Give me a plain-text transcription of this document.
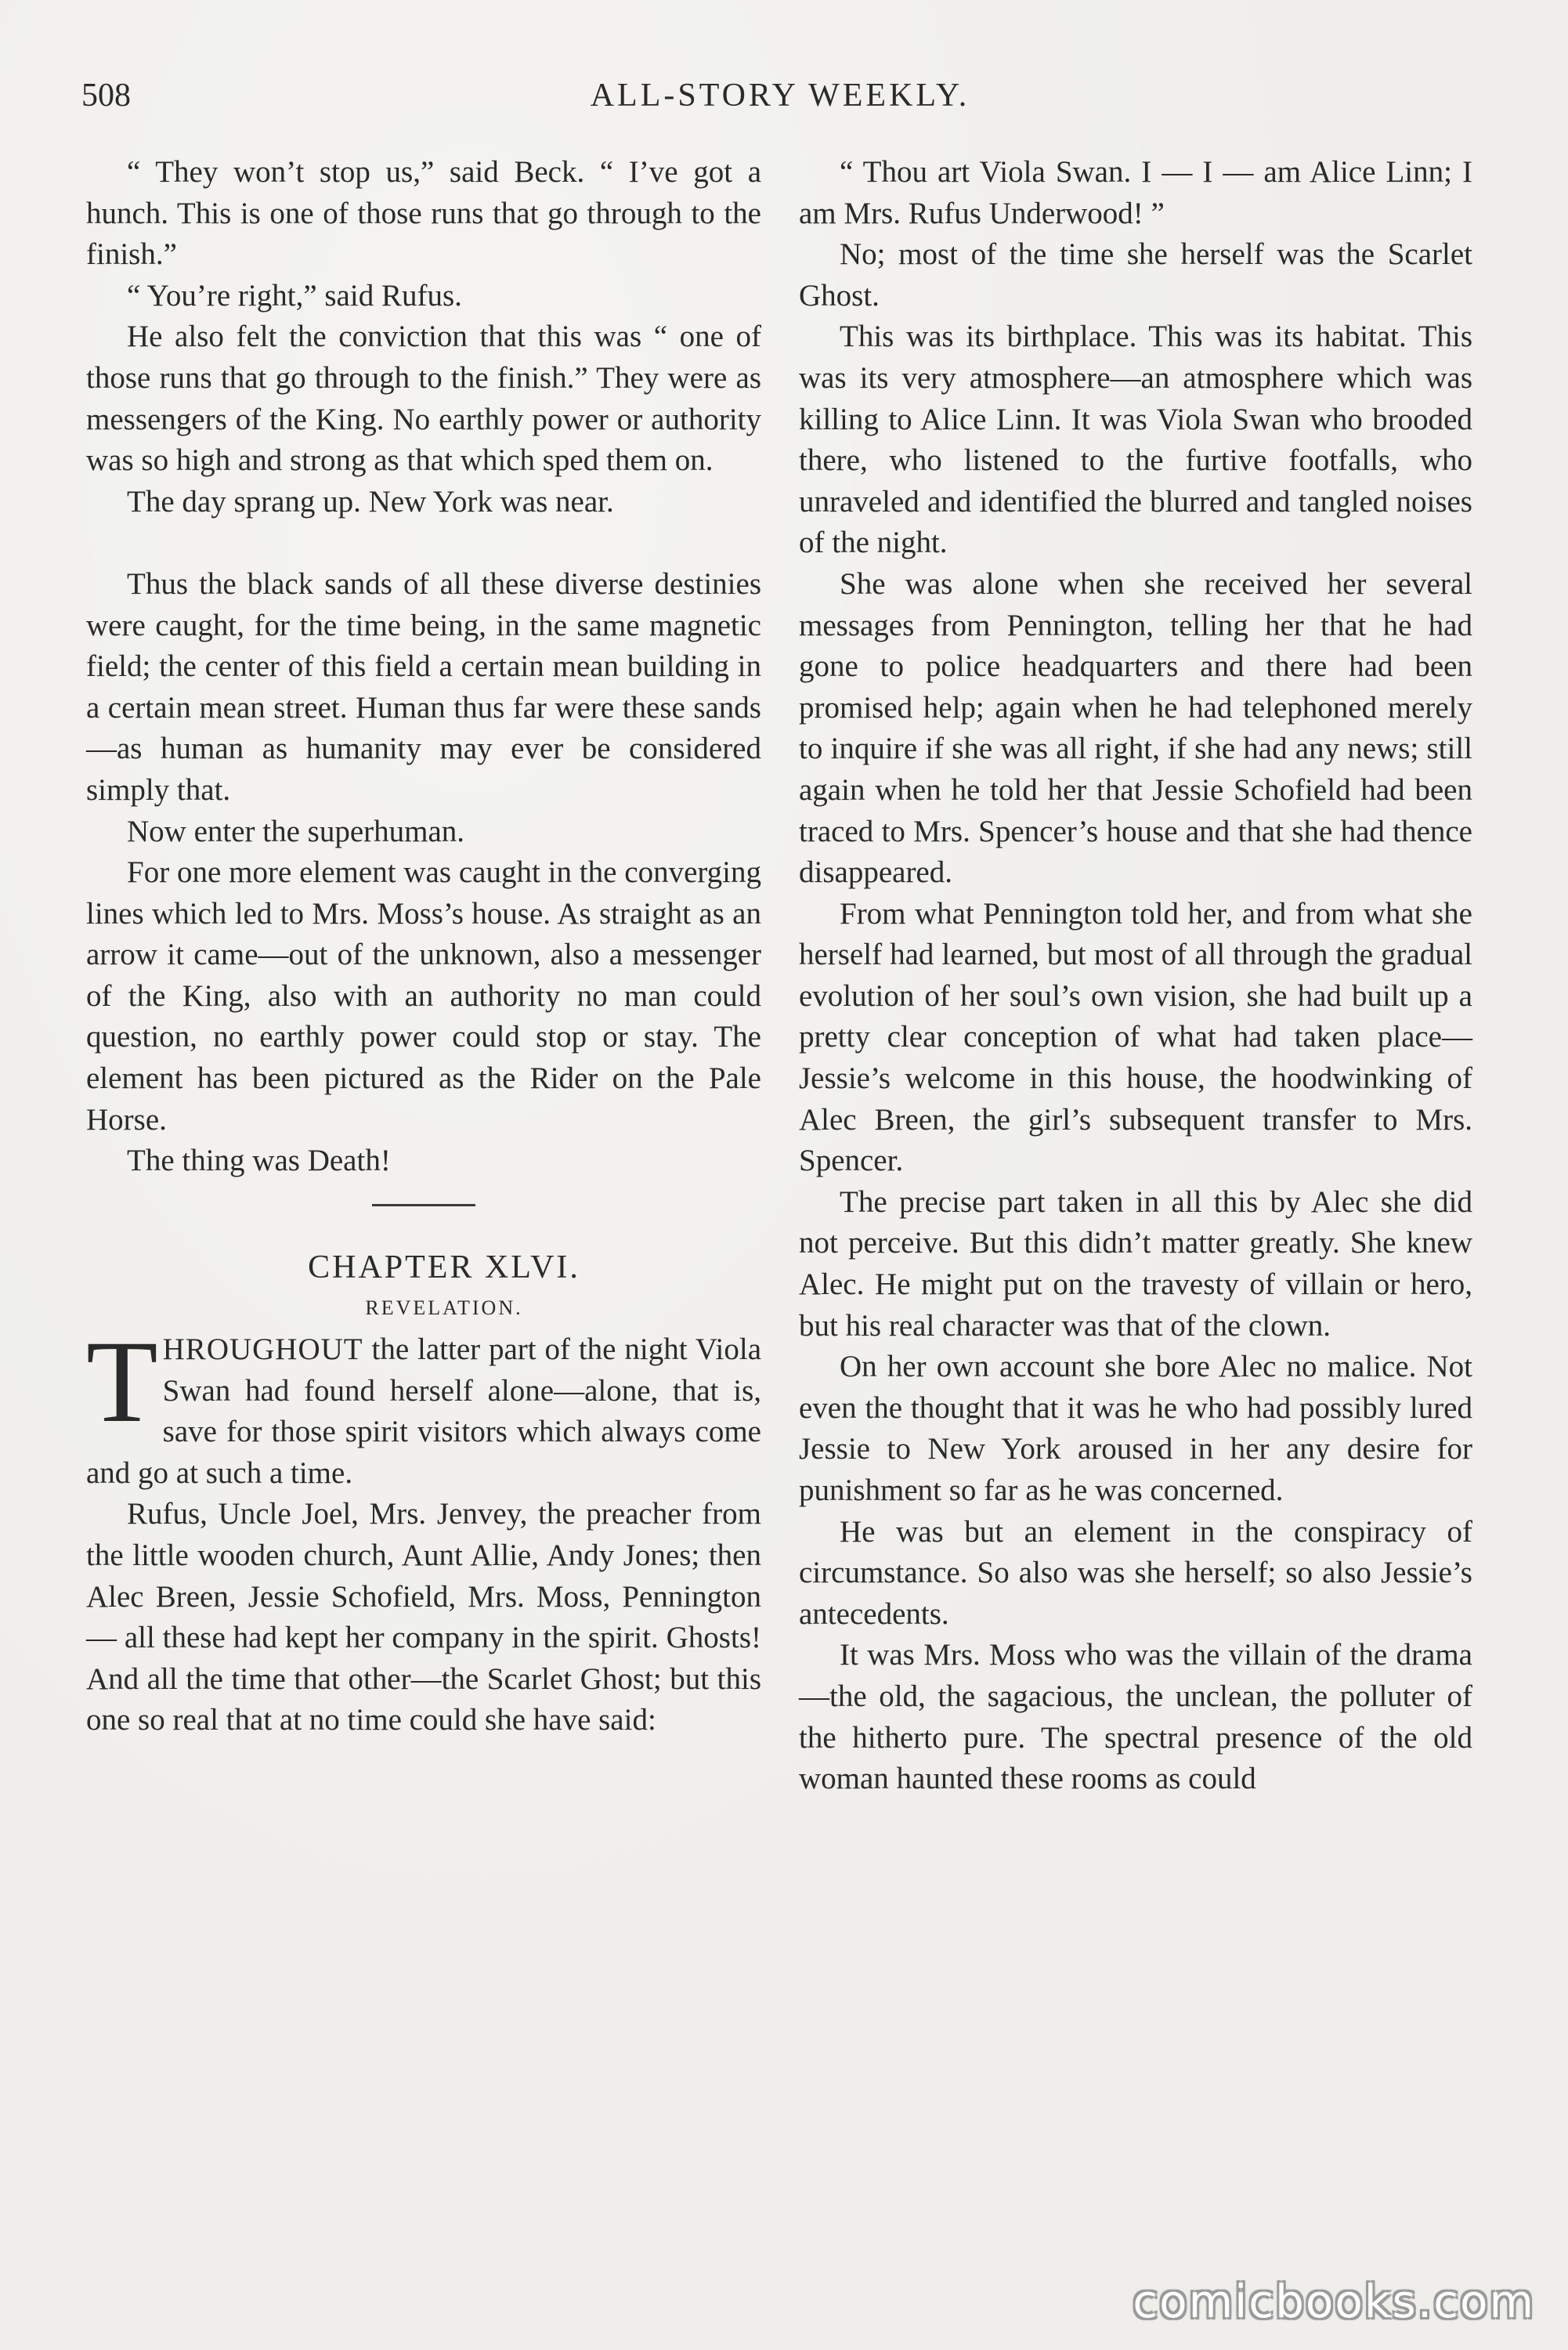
508	ALL-STORY WEEKLY.

“ They won’t stop us,” said Beck. “ I’ve got a hunch. This is one of those runs that go through to the finish.”

“ You’re right,” said Rufus.

He also felt the conviction that this was “ one of those runs that go through to the finish.” They were as messengers of the King. No earthly power or authority was so high and strong as that which sped them on.

The day sprang up. New York was near.

Thus the black sands of all these diverse destinies were caught, for the time being, in the same magnetic field; the center of this field a certain mean building in a certain mean street. Human thus far were these sands—as human as humanity may ever be considered simply that.

Now enter the superhuman.

For one more element was caught in the converging lines which led to Mrs. Moss’s house. As straight as an arrow it came—out of the unknown, also a messenger of the King, also with an authority no man could question, no earthly power could stop or stay. The element has been pictured as the Rider on the Pale Horse.

The thing was Death!

CHAPTER XLVI.

REVELATION.

THROUGHOUT the latter part of the night Viola Swan had found herself alone—alone, that is, save for those spirit visitors which always come and go at such a time.

Rufus, Uncle Joel, Mrs. Jenvey, the preacher from the little wooden church, Aunt Allie, Andy Jones; then Alec Breen, Jessie Schofield, Mrs. Moss, Pennington — all these had kept her company in the spirit. Ghosts! And all the time that other—the Scarlet Ghost; but this one so real that at no time could she have said:

“ Thou art Viola Swan. I — I — am Alice Linn; I am Mrs. Rufus Underwood! ”

No; most of the time she herself was the Scarlet Ghost.

This was its birthplace. This was its habitat. This was its very atmosphere—an atmosphere which was killing to Alice Linn. It was Viola Swan who brooded there, who listened to the furtive footfalls, who unraveled and identified the blurred and tangled noises of the night.

She was alone when she received her several messages from Pennington, telling her that he had gone to police headquarters and there had been promised help; again when he had telephoned merely to inquire if she was all right, if she had any news; still again when he told her that Jessie Schofield had been traced to Mrs. Spencer’s house and that she had thence disappeared.

From what Pennington told her, and from what she herself had learned, but most of all through the gradual evolution of her soul’s own vision, she had built up a pretty clear conception of what had taken place—Jessie’s welcome in this house, the hoodwinking of Alec Breen, the girl’s subsequent transfer to Mrs. Spencer.

The precise part taken in all this by Alec she did not perceive. But this didn’t matter greatly. She knew Alec. He might put on the travesty of villain or hero, but his real character was that of the clown.

On her own account she bore Alec no malice. Not even the thought that it was he who had possibly lured Jessie to New York aroused in her any desire for punishment so far as he was concerned.

He was but an element in the conspiracy of circumstance. So also was she herself; so also Jessie’s antecedents.

It was Mrs. Moss who was the villain of the drama—the old, the sagacious, the unclean, the polluter of the hitherto pure. The spectral presence of the old woman haunted these rooms as could

comicbooks.com
